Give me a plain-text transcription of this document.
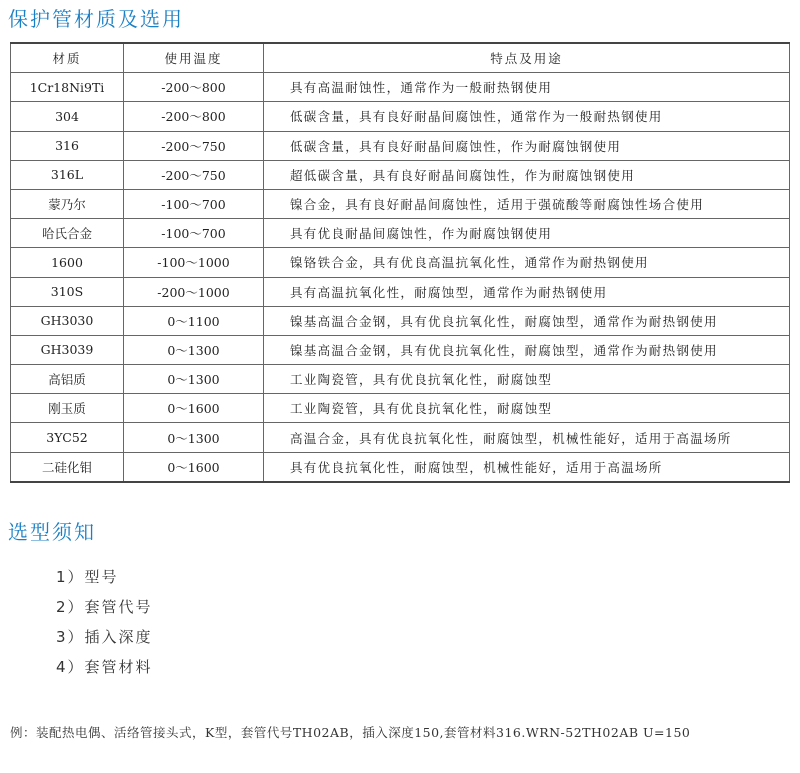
保护管材质及选用
材质	使用温度	特点及用途
1Cr18Ni9Ti	-200～800	具有高温耐蚀性，通常作为一般耐热钢使用
304	-200～800	低碳含量，具有良好耐晶间腐蚀性，通常作为一般耐热钢使用
316	-200～750	低碳含量，具有良好耐晶间腐蚀性，作为耐腐蚀钢使用
316L	-200～750	超低碳含量，具有良好耐晶间腐蚀性，作为耐腐蚀钢使用
蒙乃尔	-100～700	镍合金，具有良好耐晶间腐蚀性，适用于强硫酸等耐腐蚀性场合使用
哈氏合金	-100～700	具有优良耐晶间腐蚀性，作为耐腐蚀钢使用
1600	-100～1000	镍铬铁合金，具有优良高温抗氧化性，通常作为耐热钢使用
310S	-200～1000	具有高温抗氧化性，耐腐蚀型，通常作为耐热钢使用
GH3030	0～1100	镍基高温合金钢，具有优良抗氧化性，耐腐蚀型，通常作为耐热钢使用
GH3039	0～1300	镍基高温合金钢，具有优良抗氧化性，耐腐蚀型，通常作为耐热钢使用
高铝质	0～1300	工业陶瓷管，具有优良抗氧化性，耐腐蚀型
刚玉质	0～1600	工业陶瓷管，具有优良抗氧化性，耐腐蚀型
3YC52	0～1300	高温合金，具有优良抗氧化性，耐腐蚀型，机械性能好，适用于高温场所
二硅化钼	0～1600	具有优良抗氧化性，耐腐蚀型，机械性能好，适用于高温场所
选型须知
1）型号
2）套管代号
3）插入深度
4）套管材料
例：装配热电偶、活络管接头式，K型，套管代号TH02AB，插入深度150,套管材料316.WRN-52TH02AB U=150
